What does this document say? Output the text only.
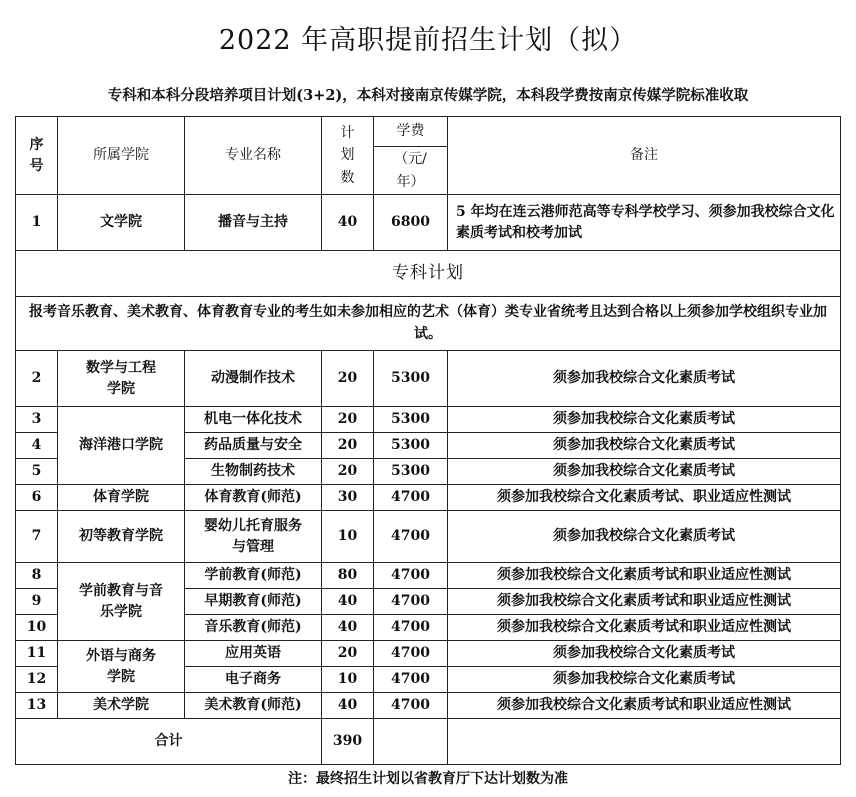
2022 年高职提前招生计划（拟）
专科和本科分段培养项目计划(3+2)，本科对接南京传媒学院，本科段学费按南京传媒学院标准收取
序号	所属学院	专业名称	计划数	学费	备注

				（元/年）	

1	文学院	播音与主持	40	6800	5 年均在连云港师范高等专科学校学习、须参加我校综合文化素质考试和校考加试
专科计划					
报考音乐教育、美术教育、体育教育专业的考生如未参加相应的艺术（体育）类专业省统考且达到合格以上须参加学校组织专业加试。					
2	数学与工程学院	动漫制作技术	20	5300	须参加我校综合文化素质考试
3	海洋港口学院	机电一体化技术	20	5300	须参加我校综合文化素质考试
4		药品质量与安全	20	5300	须参加我校综合文化素质考试
5		生物制药技术	20	5300	须参加我校综合文化素质考试
6	体育学院	体育教育(师范)	30	4700	须参加我校综合文化素质考试、职业适应性测试
7	初等教育学院	婴幼儿托育服务与管理	10	4700	须参加我校综合文化素质考试
8	学前教育与音乐学院	学前教育(师范)	80	4700	须参加我校综合文化素质考试和职业适应性测试
9		早期教育(师范)	40	4700	须参加我校综合文化素质考试和职业适应性测试
10		音乐教育(师范)	40	4700	须参加我校综合文化素质考试和职业适应性测试
11	外语与商务学院	应用英语	20	4700	须参加我校综合文化素质考试
12		电子商务	10	4700	须参加我校综合文化素质考试
13	美术学院	美术教育(师范)	40	4700	须参加我校综合文化素质考试和职业适应性测试
合计			390		
注：最终招生计划以省教育厅下达计划数为准
